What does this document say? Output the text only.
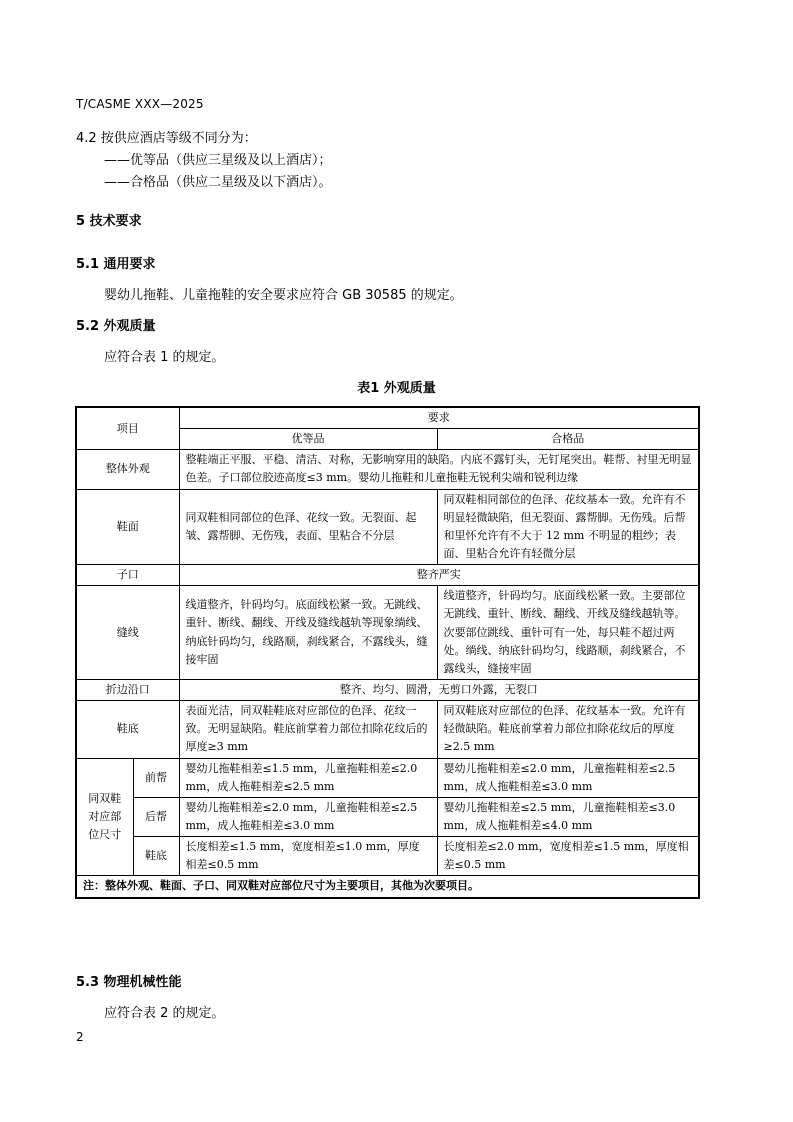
T/CASME XXX—2025
4.2 按供应酒店等级不同分为：
——优等品（供应三星级及以上酒店）；
——合格品（供应二星级及以下酒店）。
5 技术要求
5.1 通用要求
婴幼儿拖鞋、儿童拖鞋的安全要求应符合 GB 30585 的规定。
5.2 外观质量
应符合表 1 的规定。
表1 外观质量
项目		要求	
		优等品	合格品
整体外观		整鞋端正平服、平稳、清洁、对称，无影响穿用的缺陷。内底不露钉头，无钉尾突出。鞋帮、衬里无明显色差。子口部位胶迹高度≤3 mm。婴幼儿拖鞋和儿童拖鞋无锐利尖端和锐利边缘	
鞋面		同双鞋相同部位的色泽、花纹一致。无裂面、起皱、露帮脚、无伤残，表面、里粘合不分层	同双鞋相同部位的色泽、花纹基本一致。允许有不明显轻微缺陷，但无裂面、露帮脚。无伤残。后帮和里怀允许有不大于 12 mm 不明显的粗纱；表面、里粘合允许有轻微分层
子口		整齐严实	
缝线		线道整齐，针码均匀。底面线松紧一致。无跳线、重针、断线、翻线、开线及缝线越轨等现象绱线、纳底针码均匀，线路顺，刹线紧合，不露线头，缝接牢固	线道整齐，针码均匀。底面线松紧一致。主要部位无跳线、重针、断线、翻线、开线及缝线越轨等。次要部位跳线、重针可有一处，每只鞋不超过两处。绱线、纳底针码均匀，线路顺，刹线紧合，不露线头，缝接牢固
折边沿口		整齐、均匀、圆滑，无剪口外露，无裂口	
鞋底		表面光洁，同双鞋鞋底对应部位的色泽、花纹一致。无明显缺陷。鞋底前掌着力部位扣除花纹后的厚度≥3 mm	同双鞋底对应部位的色泽、花纹基本一致。允许有轻微缺陷。鞋底前掌着力部位扣除花纹后的厚度≥2.5 mm
同双鞋对应部位尺寸	前帮	婴幼儿拖鞋相差≤1.5 mm，儿童拖鞋相差≤2.0 mm，成人拖鞋相差≤2.5 mm	婴幼儿拖鞋相差≤2.0 mm，儿童拖鞋相差≤2.5 mm，成人拖鞋相差≤3.0 mm
	后帮	婴幼儿拖鞋相差≤2.0 mm，儿童拖鞋相差≤2.5 mm，成人拖鞋相差≤3.0 mm	婴幼儿拖鞋相差≤2.5 mm，儿童拖鞋相差≤3.0 mm，成人拖鞋相差≤4.0 mm
	鞋底	长度相差≤1.5 mm，宽度相差≤1.0 mm，厚度相差≤0.5 mm	长度相差≤2.0 mm，宽度相差≤1.5 mm，厚度相差≤0.5 mm
注：整体外观、鞋面、子口、同双鞋对应部位尺寸为主要项目，其他为次要项目。			
5.3 物理机械性能
应符合表 2 的规定。
2
